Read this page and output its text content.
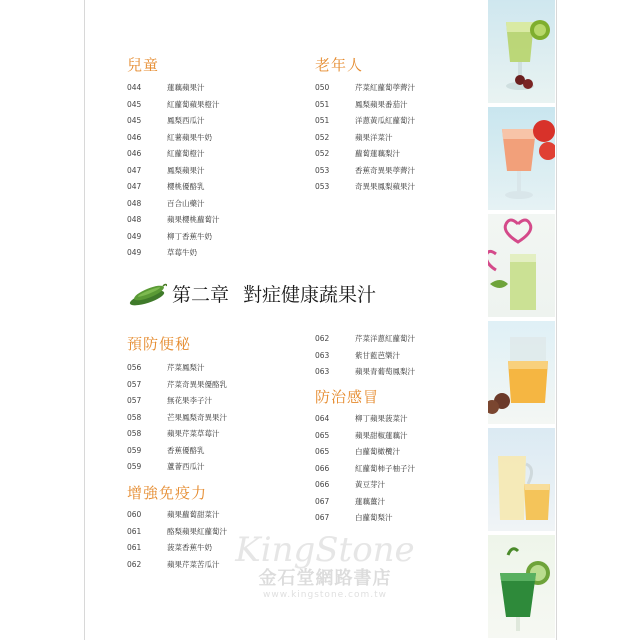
兒童
044	蓮藕蘋果汁
045	紅蘿蔔蘋果橙汁
045	鳳梨西瓜汁
046	紅薯蘋果牛奶
046	紅蘿蔔橙汁
047	鳳梨蘋果汁
047	櫻桃優酪乳
048	百合山藥汁
048	蘋果櫻桃蘿蔔汁
049	柳丁香蕉牛奶
049	草莓牛奶
老年人
050	芹菜紅蘿蔔荸薺汁
051	鳳梨蘋果番茄汁
051	洋蔥黃瓜紅蘿蔔汁
052	蘋果洋菜汁
052	蘿蔔蓮藕梨汁
053	香蕉奇異果荸薺汁
053	奇異果鳳梨蘋果汁
第二章 對症健康蔬果汁
預防便秘
056	芹菜鳳梨汁
057	芹菜奇異果優酪乳
057	無花果李子汁
058	芒果鳳梨奇異果汁
058	蘋果芹菜草莓汁
059	香蕉優酪乳
059	蘆薈西瓜汁
增強免疫力
060	蘋果蘿蔔甜菜汁
061	酪梨蘋果紅蘿蔔汁
061	菠菜香蕉牛奶
062	蘋果芹菜苦瓜汁
062	芹菜洋蔥紅蘿蔔汁
063	紫甘藍芭樂汁
063	蘋果青葡萄鳳梨汁
防治感冒
064	柳丁蘋果菠菜汁
065	蘋果甜椒蓮藕汁
065	白蘿蔔橄欖汁
066	紅蘿蔔柿子柚子汁
066	黃豆芽汁
067	蓮藕薑汁
067	白蘿蔔梨汁
KingStone
金石堂網路書店
www.kingstone.com.tw
